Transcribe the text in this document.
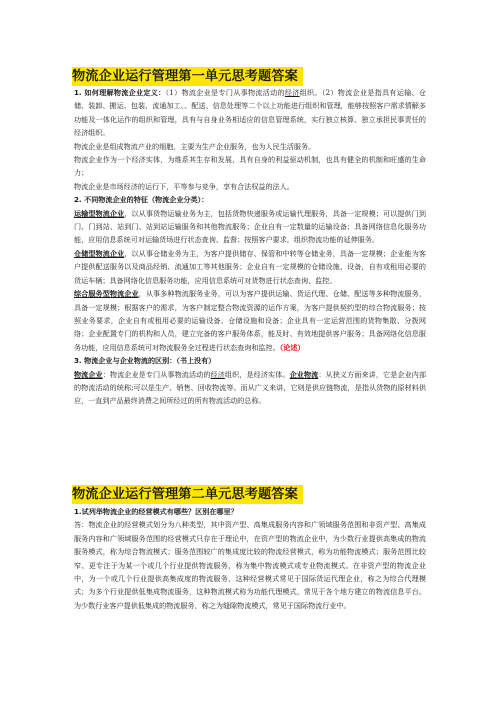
物流企业运行管理第一单元思考题答案

1. 如何理解物流企业定义：（1）物流企业是专门从事物流活动的经济组织。（2）物流企业是指具有运输、仓储、装卸、搬运、包装、流通加工、、配送、信息处理等二个以上功能进行组织和管理，能够按照客户需求情解多功能及一体化运作的组织和管理，具有与自身业务相适应的信息管理系统，实行独立核算、独立承担民事责任的经济组织。

物流企业是组成物流产业的细胞，主要为生产企业服务，也为人民生活服务。

物流企业作为一个经济实体，为维系其生存和发展，具有自身的利益驱动机制，也具有健全的机制和旺盛的生命力；

物流企业是市场经济的运行下，平等参与竞争，享有合法权益的法人。

2. 不同物流企业的特征（物流企业分类）：

运输型物流企业，以从事货物运输业务为主，包括货物快递服务或运输代理服务，具备一定规模；可以提供门到门、门到站、站到门、站到站运输服务和其他物流服务；企业自有一定数量的运输设备；具备网络信息化服务功能，应用信息系统可对运输货场进行状态查询、监督；按照客户要求，组织物流功能的延伸服务。

仓储型物流企业，以从事仓储业务为主，为客户提供储存、保管和中转等仓储业务，具备一定规模；企业能为客户提供配送服务以及商品经销、流通加工等其他服务；企业自有一定规模的仓储设施、设备，自有或租用必要的货运车辆；具备网络化信息服务功能，应用信息系统可对货物进行状态查询、监控。

综合服务型物流企业，从事多种物流服务业务，可以为客户提供运输、货运代理、仓储、配送等多种物流服务，具备一定规模；根据客户的需求，为客户制定整合物流资源的运作方案，为客户提供契约型的综合物流服务；按照业务要求，企业自有或租用必要的运输设备、仓储设施和设备；企业具有一定运营范围的货物集散、分拨网络；企业配置专门的机构和人员，建立完备的客户服务体系，能及时、有效地提供客户服务；具备网络化信息服务功能，应用信息系统可对物流服务全过程进行状态查询和监控。（论述）

3. 物流企业与企业物流的区别：（书上没有）

物流企业：物流企业是专门从事物流活动的经济组织，是经济实体。企业物流：从狭义方面来讲，它是企业内部的物流活动的统称;可以是生产、销售、回收物流等。而从广义来讲，它则是供应链物流，是指从货物的原材料供应，一直到产品最终消费之间所经过的所有物流活动的总称。

物流企业运行管理第二单元思考题答案

1.试列举物流企业的经营模式有哪些？区别在哪里？

答：物流企业的经营模式划分为八种类型，其中资产型、高集成服务内容和广领域服务范围和非资产型、高集成服务内容和广领域服务范围的经营模式只存在于理论中，在资产型的物流企业中，为少数行业提供高集成的物流服务模式，称为综合物流模式；服务范围较广的集成度比较的物流经营模式，称为功能物流模式；服务范围比较窄、更专注于为某一个或几个行业提供物流服务，称为集中物流模式或专业物流模式。在非资产型的物流企业中，为一个或几个行业提供高集成度的物流服务，这种经营模式常见于国际货运代理企业，称之为综合代理模式；为多个行业提供低集成物流服务，这种物流模式称为功能代理模式，常见于各个地方建立的物流信息平台。为少数行业客户提供低集成的物流服务，称之为缝隙物流模式，常见于国际物流行业中。
